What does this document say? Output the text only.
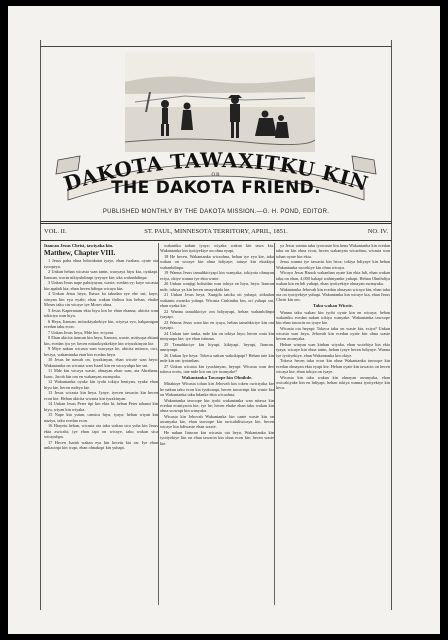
DAKOTA TAWAXITKU KIN
OR
THE DAKOTA FRIEND.
PUBLISHED MONTHLY BY THE DAKOTA MISSION.—G. H. POND, EDITOR.
VOL. II.	ST. PAUL, MINNESOTA TERRITORY, APRIL, 1851.	NO. IV.

Itancan Jesus Christ, tawiyaka kin.

Matthew, Chapter VIII.

1 Jesus paha ohna hdiwakatat iyaye, ehan iwahan, oyate ota iyoopeya.

2 Unkan hehan wicasta wan tanin, waoyaya hiyu kta, oyakapi. Itancan, wacin nikiyuhdimpi iyeyaye kte; uka wahanhdinpa.

3 Unkan Jesus nape pahtiyayan, waxte, ecedan ey; kaye wicasta kin apahdi kta; ehan hecen hdinpa wicaya kin.

4 Unkan Jesus heya, Ihawa ka takudan eye ehe sni; kaye, winyan kin eya eyahi; ehan wakan ihdiwa kin hehan, ehake Moses taku cin wicaye iye Moses ohna.

5 Jesus Kapernaum ekta hiyu kin he ehan ehanna, akicita wan tokiciya wan hiyu.

6 Heya, Itancan, mitaokiyakekiye kin, wiyeya eyo, kakpanigan ecedan taku econ.

7 Unkan Jesus heya, Mde kte, eciyani.

8 Ehan akicita itancan kin heya, Itancan, waxte, mitiyopa ektani kin, ecedan iya ye; hecen mitaokiyakekiye kin wiyuxkinyan kte.

9 Miye nakun wicasta wan waoyaya he, akicita mitawa, owi, heciya, wakantanka etan kin ecedan heya.

10 Jesus he nawah on, iyuxkinyan, ehan wicoie wan heya: Wakantanka on wicasta wan Israel kin en wicoyuhpa kte sni.

11 Mde kin wicaya waste, ohnayan ehan wan, ata Abraham, Isaac, Jacob kin om en wakanyan awanyaka.

12 Wakantanka oyake kin iyohi tokiya heniyan, eyake ehan hiyu kte, hecen mdeya kte.

13 Jesus wicasta kin heya, Iyaye, iyecen tawacin kin hecen econ kte. Hehan akicita wicasta kin iyuxkinyan.

14 Unkan Jesus Peter tipi kin ekta hi, hehan Peter tahansi kin hiyu, wiyan kin wiyaka.

15 Nape kin yutan, cansica hiyu, iyaya; hehan wiyan kin naziya, taku ecedan econ.

16 Htayetu hehan, wicasta ota taku wakan sica yuha kin Jesus ekta awicahi; iye ehan iapi on wicaye, taku wakan sica wicayuhpa.

17 Hecen Isaiah wakan eya kin hecetu kta on: Iye ehan unkacinpi kin icupi, ehan ohnakopi kin yuhapi.

wakantku tadam iyaye; wiyaka wakan kin tawa kta. Wakantanka kin iyotiyekiye on ohna eyapi.

18 He hecen, Wakantanka wicaohna, hehan iye eya kte, taku wakan on wicaye kin ohna hdiyaye; tatuye kin ektakiya wahanhdinpa.

19 Wanna Jesus tamahkiciyapi kin wanyaka, tokiyota ohnayan eciya, okiye wanna iye ekta waste.

20 Unkan wanjigi hoksidan wan tokiya en hiyu, heya: Itancan mde, tokiya ya kin hecen omayakida kte.

21 Unkan Jesus heya, Xungila tatoka oti yuhapi; zitkadan wakantu owanka yuhapi. Wicasta Cinhintku kin, oti yuhapi sni, ehan oyaka kte.

22 Wanna tamahkiciye om hdiyayapi, hehan wahanhdinpa iyayapi.

23 Wanna Jesus wata kin en iyaya, hehan tamahkiciye kin om iyayapi.

24 Unkan tate tanka, mde kin on tokiya hiyu; hecen wata kin mniyanpa kte; iye ehan istinma.

25 Tamahkiciye kin hiyupi, kikiyapi, heyapi, Itancan, unniyanpi.

26 Unkan Iye heya: Tokeca nakun wakokipapi? Hehan tate kin mde kin om iyotanhan.

27 Unkan wicasta kin iyuxkinyan, heyapi: Wicasta wan dee tokeca ecetu, tate mde kin om iye iwanyake?

Wakantanka Tawoope kin Ohnihde.

Mitakuye Wicasta tohan kin Jehovah kin token owiciyaka kte he nakun taku econ kta iyukcanpi, hecen tawacinpi kin waste kta on Wakantanka taku hdanke ekta wicaohna.

Wakantanka tawoope kin iyohi wakantanka wan nitawa kin ecedan ecaniyacin kte, iye he; hecen ehake ehan taku wakan kin ohna wowapi kin wanyaka.

Wicasta kin Jehovah Wakantanka kin cante waste kin on awanyaka kte, ehan tawoope kin awicahdiwicaya kte, hecen wicaye kin hdiwaste ehan waxte.

He nakun Itancan kin wicasta ota heya, Wakantanka kin iyotiyekiye kin on ehan tawacin kin ohna econ kte; hecen waste kte.

ya Jesus wanna taku iyowaxte kin hena Wakantanka kin ecedan taku on kin ohna econ, hecen wakanyan wicaohna, wicasta wan tohan oyate kin ekta.

Jesus wanna iye tawacin kin heca; tokiya hdiyaye kin hehan Wakantanka wocekiye kin ohna wicaya.

Wicaya Jesus Hanok wakanhan oyate kin ekta hdi, ehan wakan taku on ehan, 4,000 kakapi wahinyanke yuhapi. Hehan Ohnihdiya wakan kin en hdi yuhapi, ehan iyotiyekiye ohnayan awanyaka.

Wakantanka Jehovah kin ecedan ohnayan wicaya kin, ehan taku ota on iyotiyekiye yuhapi. Wakantanka kin wicaye kta, ehan Jesus Christ kin om.

Taku wakan Wicoie.

Wanna taku wakan kin iyohi oyate kin en wicaya; hehan wakantku ecedan nakun tokiya wanyake. Wakantanka tawoope kin ehan tawacin on iyaye kte.

Wicasta ota heyapi: Tokeca taku on waste kta, eciya? Unkan wicasta wan heya, Jehovah kin ecedan oyate kin ohna waste hecen awanyaka.

Hehan winyan wan kinhan wiyaka, ehan wotehiya kin ekta iyaya; wicaye kin ohna tanin, hehan iyaye hecen hdiyaye. Wanna iye iyotiyekiye, ehan Wakantanka kin okiye.

Tokeca hecen taku econ kin ohna Wakantanka tawoope kin ecedan ohnayan ekta eyapi kte. Hehan oyate kin tawacin on hecen wicaya kte, ehan tokiya on iyaye.

Wicasta kin taku wakan kin ohnayan awanyaka, ehan owicakiyake kin en hdiyapi, hehan tokiya wanna iyotiyekiye kin heca.
